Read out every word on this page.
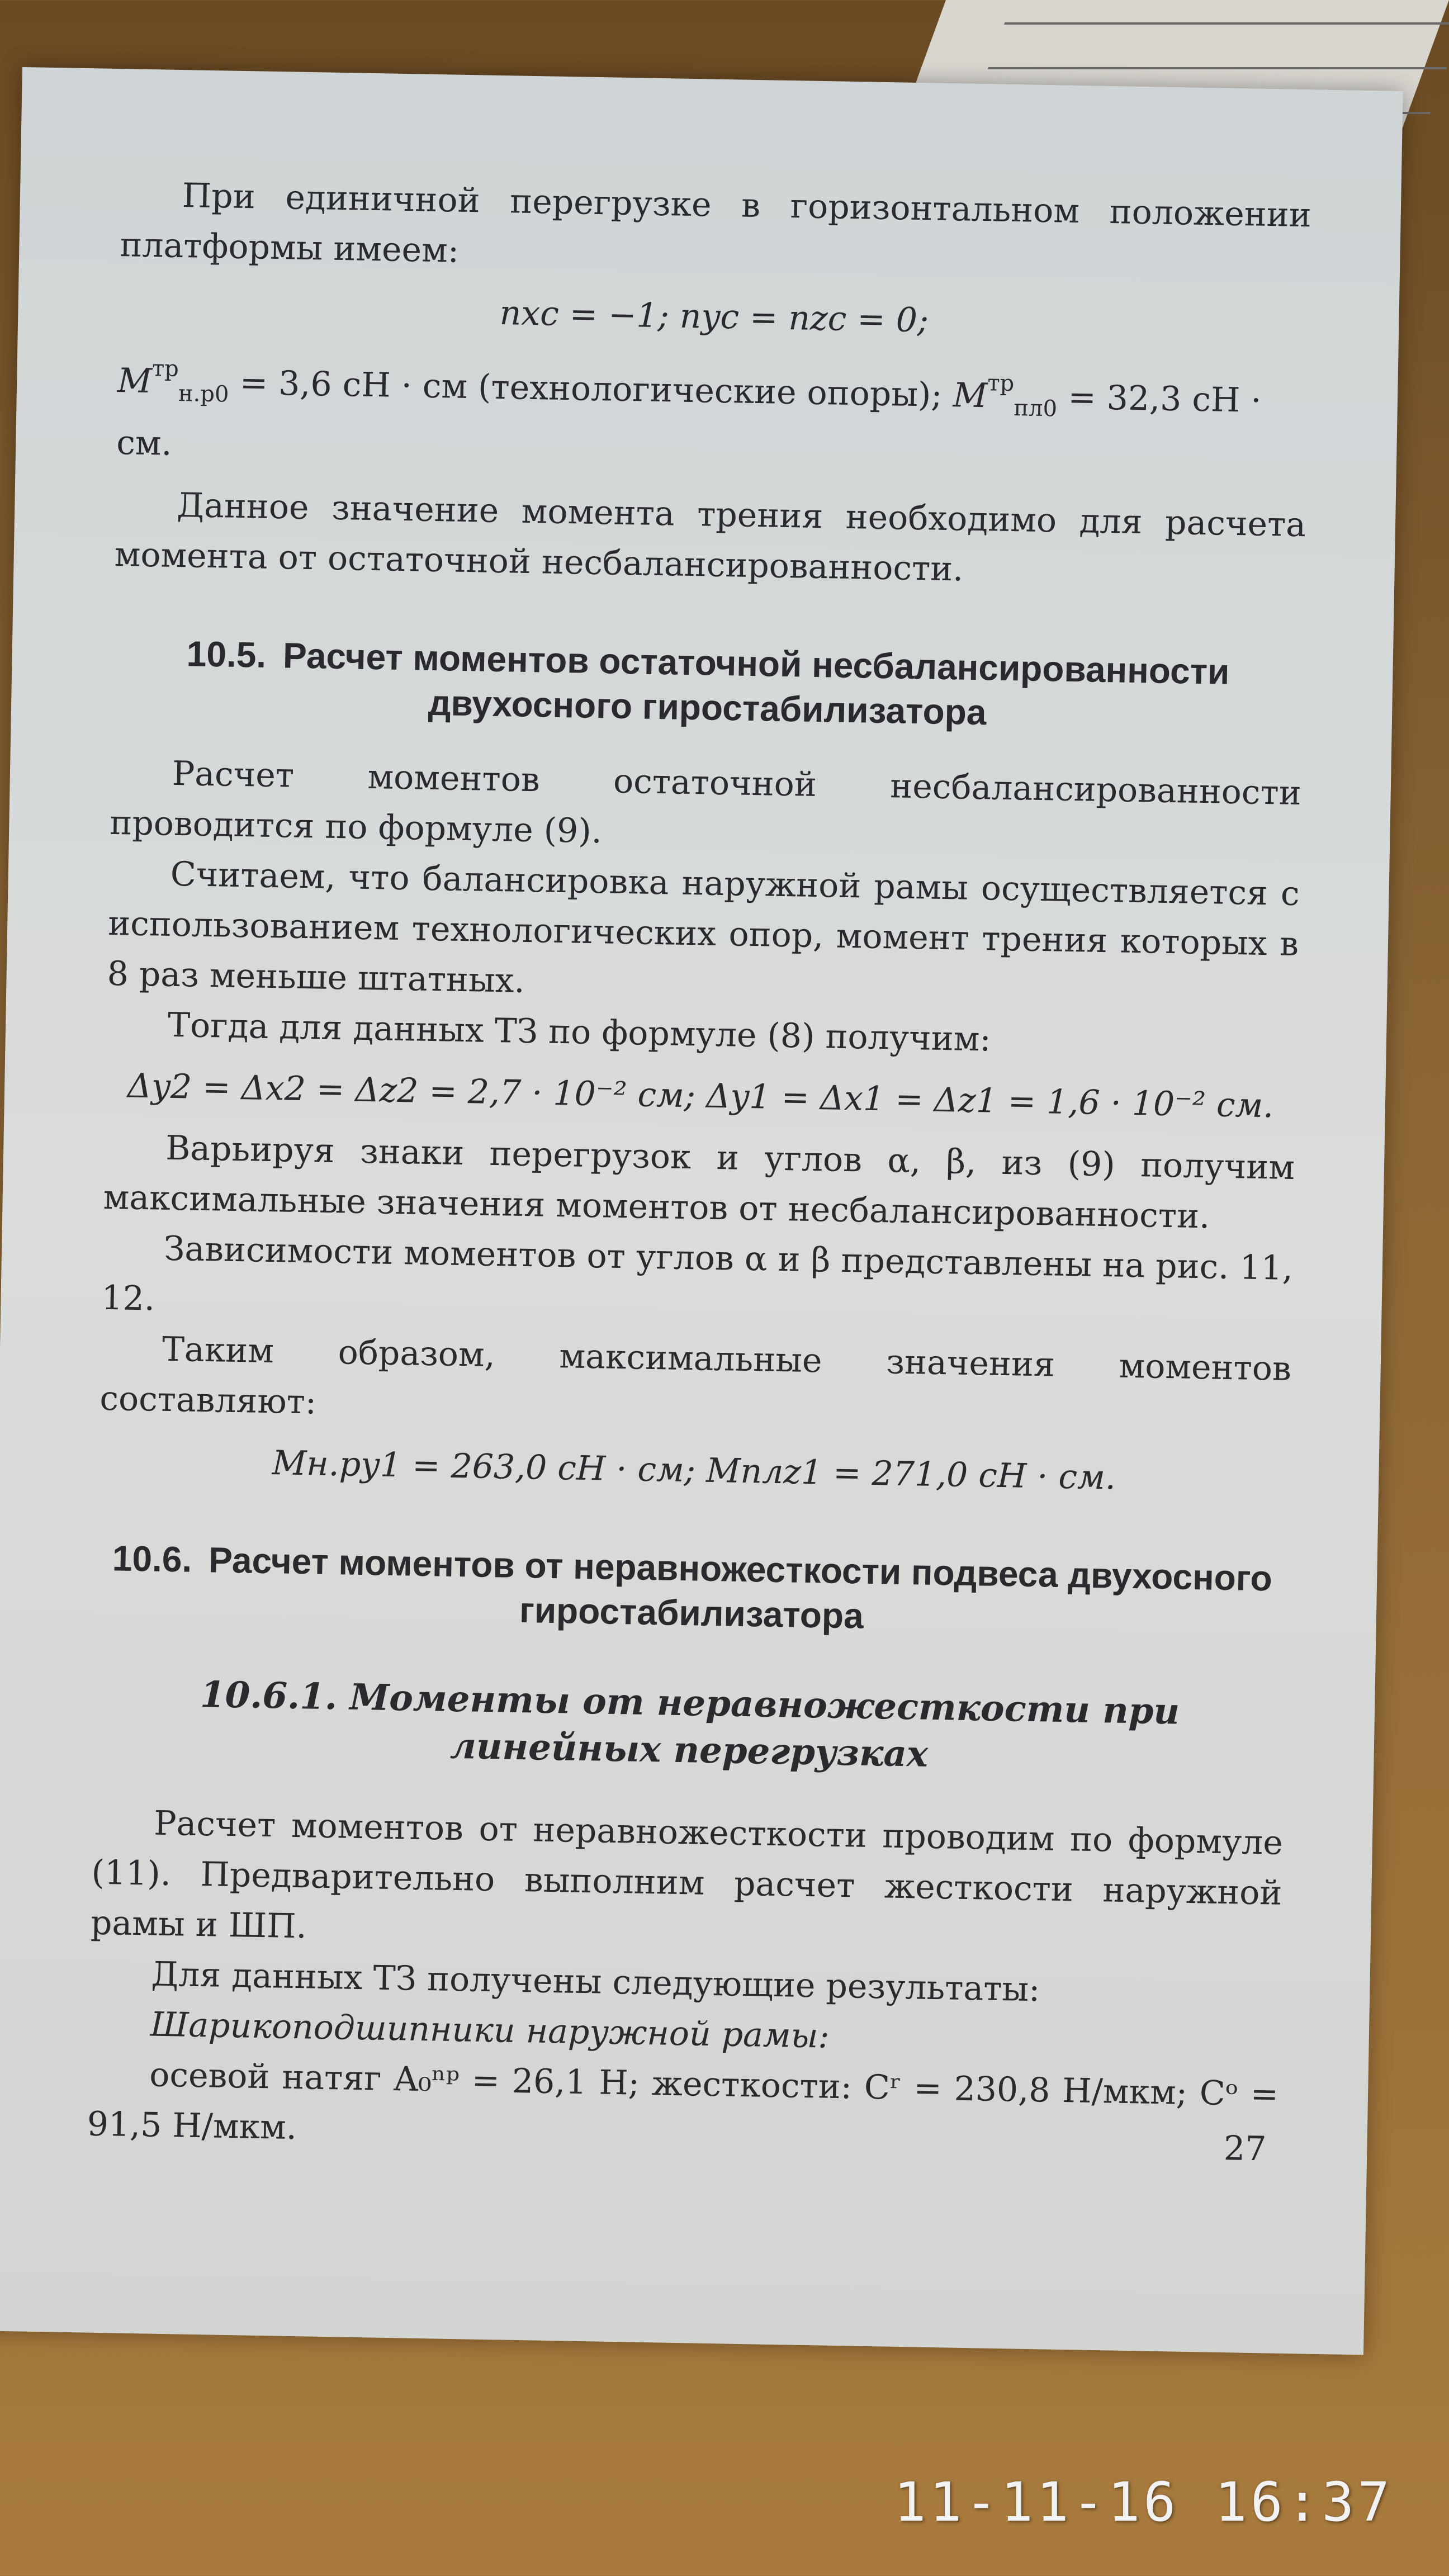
При единичной перегрузке в горизонтальном положении платформы имеем:

nxc = −1; nyc = nzc = 0;

$M^{тр}_{н.р0} = 3,6$ сН · см (технологические опоры); $M^{тр}_{пл0} = 32,3$ сН · см.

Данное значение момента трения необходимо для расчета момента от остаточной несбалансированности.

10.5. Расчет моментов остаточной несбалансированности двухосного гиростабилизатора

Расчет моментов остаточной несбалансированности проводится по формуле (9).

Считаем, что балансировка наружной рамы осуществляется с использованием технологических опор, момент трения которых в 8 раз меньше штатных.

Тогда для данных ТЗ по формуле (8) получим:

Δy2 = Δx2 = Δz2 = 2,7 · 10⁻² см; Δy1 = Δx1 = Δz1 = 1,6 · 10⁻² см.

Варьируя знаки перегрузок и углов α, β, из (9) получим максимальные значения моментов от несбалансированности.

Зависимости моментов от углов α и β представлены на рис. 11, 12.

Таким образом, максимальные значения моментов составляют:

Mн.ру1 = 263,0 сН · см; Mплz1 = 271,0 сН · см.

10.6. Расчет моментов от неравножесткости подвеса двухосного гиростабилизатора
10.6.1. Моменты от неравножесткости при линейных перегрузках

Расчет моментов от неравножесткости проводим по формуле (11). Предварительно выполним расчет жесткости наружной рамы и ШП.

Для данных ТЗ получены следующие результаты:

Шарикоподшипники наружной рамы:

осевой натяг A₀ⁿᵖ = 26,1 Н; жесткости: Cʳ = 230,8 Н/мкм; Cᵒ = 91,5 Н/мкм.

27
11-11-16 16:37
